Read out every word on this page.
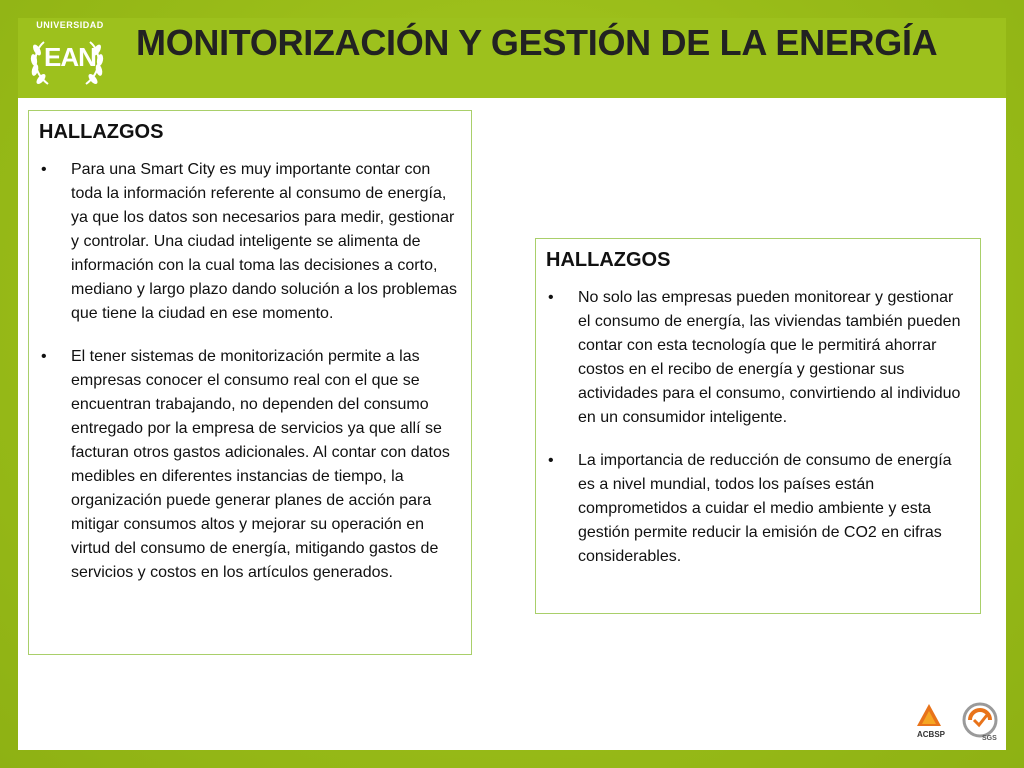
UNIVERSIDAD
EAN MONITORIZACIÓN Y GESTIÓN DE LA ENERGÍA
HALLAZGOS
• Para una Smart City es muy importante contar con toda la información referente al consumo de energía, ya que los datos son necesarios para medir, gestionar y controlar. Una ciudad inteligente se alimenta de información con la cual toma las decisiones a corto, mediano y largo plazo dando solución a los problemas que tiene la ciudad en ese momento.
• El tener sistemas de monitorización permite a las empresas conocer el consumo real con el que se encuentran trabajando, no dependen del consumo entregado por la empresa de servicios ya que allí se facturan otros gastos adicionales. Al contar con datos medibles en diferentes instancias de tiempo, la organización puede generar planes de acción para mitigar consumos altos y mejorar su operación en virtud del consumo de energía, mitigando gastos de servicios y costos en los artículos generados.
HALLAZGOS
• No solo las empresas pueden monitorear y gestionar el consumo de energía, las viviendas también pueden contar con esta tecnología que le permitirá ahorrar costos en el recibo de energía y gestionar sus actividades para el consumo, convirtiendo al individuo en un consumidor inteligente.
• La importancia de reducción de consumo de energía es a nivel mundial, todos los países están comprometidos a cuidar el medio ambiente y esta gestión permite reducir la emisión de CO2 en cifras considerables.
ACBSP	SGS
